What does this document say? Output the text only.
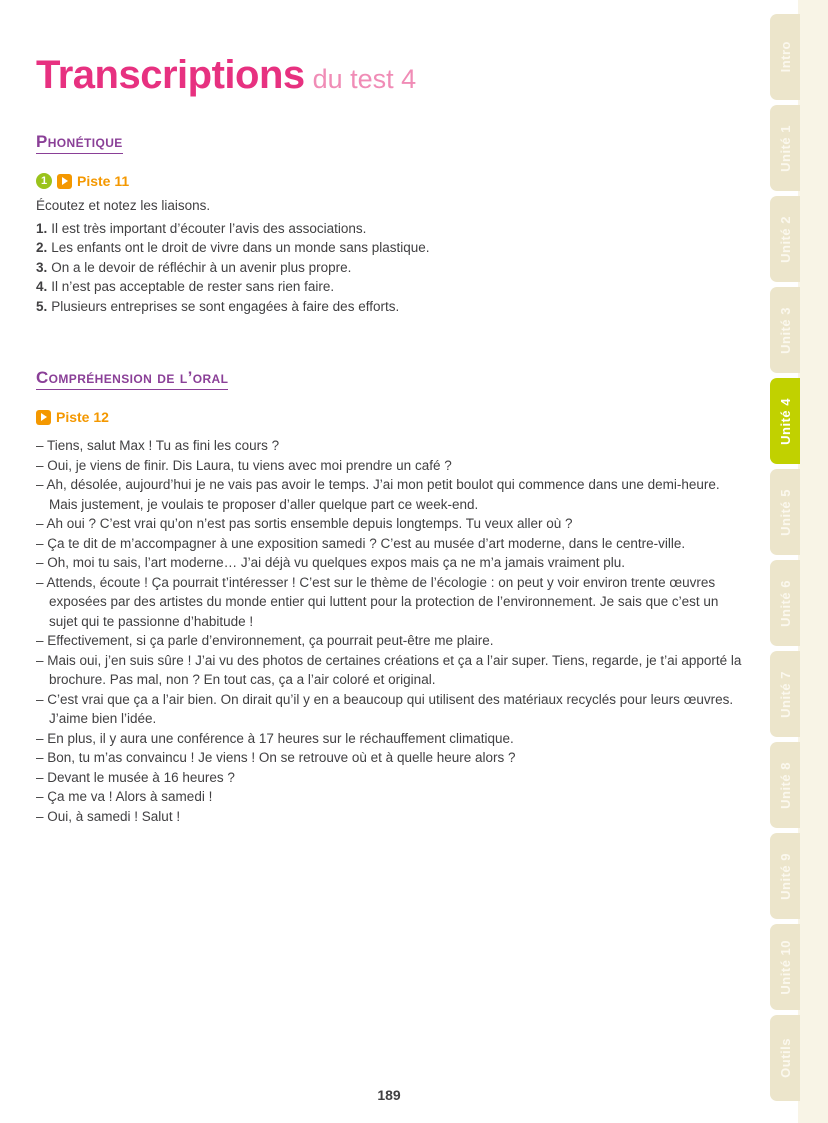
Intro
Unité 1
Unité 2
Unité 3
Unité 4
Unité 5
Unité 6
Unité 7
Unité 8
Unité 9
Unité 10
Outils
Transcriptions du test 4
Phonétique
1	Piste 11

Écoutez et notez les liaisons.

1. Il est très important d’écouter l’avis des associations.
2. Les enfants ont le droit de vivre dans un monde sans plastique.
3. On a le devoir de réfléchir à un avenir plus propre.
4. Il n’est pas acceptable de rester sans rien faire.
5. Plusieurs entreprises se sont engagées à faire des efforts.
Compréhension de l’oral
Piste 12

– Tiens, salut Max ! Tu as fini les cours ?

– Oui, je viens de finir. Dis Laura, tu viens avec moi prendre un café ?

– Ah, désolée, aujourd’hui je ne vais pas avoir le temps. J’ai mon petit boulot qui commence dans une demi-heure. Mais justement, je voulais te proposer d’aller quelque part ce week-end.

– Ah oui ? C’est vrai qu’on n’est pas sortis ensemble depuis longtemps. Tu veux aller où ?

– Ça te dit de m’accompagner à une exposition samedi ? C’est au musée d’art moderne, dans le centre-ville.

– Oh, moi tu sais, l’art moderne… J’ai déjà vu quelques expos mais ça ne m’a jamais vraiment plu.

– Attends, écoute ! Ça pourrait t’intéresser ! C’est sur le thème de l’écologie : on peut y voir environ trente œuvres exposées par des artistes du monde entier qui luttent pour la protection de l’environnement. Je sais que c’est un sujet qui te passionne d’habitude !

– Effectivement, si ça parle d’environnement, ça pourrait peut-être me plaire.

– Mais oui, j’en suis sûre ! J’ai vu des photos de certaines créations et ça a l’air super. Tiens, regarde, je t’ai apporté la brochure. Pas mal, non ? En tout cas, ça a l’air coloré et original.

– C’est vrai que ça a l’air bien. On dirait qu’il y en a beaucoup qui utilisent des matériaux recyclés pour leurs œuvres. J’aime bien l’idée.

– En plus, il y aura une conférence à 17 heures sur le réchauffement climatique.

– Bon, tu m’as convaincu ! Je viens ! On se retrouve où et à quelle heure alors ?

– Devant le musée à 16 heures ?

– Ça me va ! Alors à samedi !

– Oui, à samedi ! Salut !

189
